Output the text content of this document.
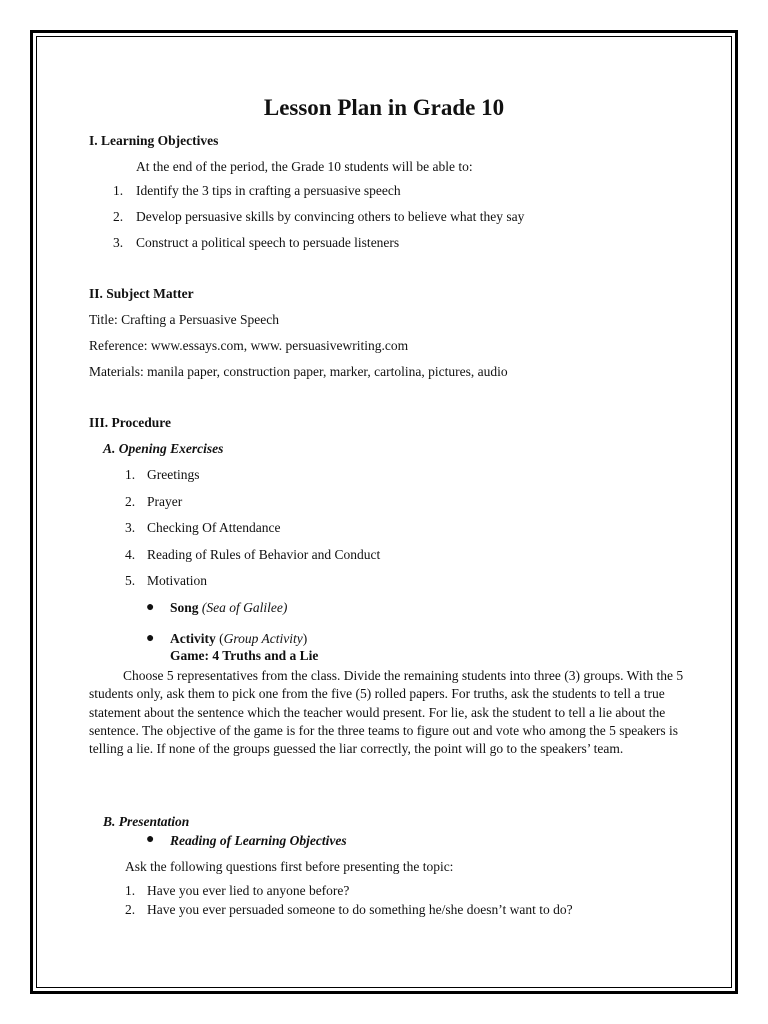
Lesson Plan in Grade 10
I. Learning Objectives
At the end of the period, the Grade 10 students will be able to:
1. Identify the 3 tips in crafting a persuasive speech
2. Develop persuasive skills by convincing others to believe what they say
3. Construct a political speech to persuade listeners
II. Subject Matter
Title: Crafting a Persuasive Speech
Reference: www.essays.com, www. persuasivewriting.com
Materials: manila paper, construction paper, marker, cartolina, pictures, audio
III. Procedure
A. Opening Exercises
1. Greetings
2. Prayer
3. Checking Of Attendance
4. Reading of Rules of Behavior and Conduct
5. Motivation
● Song (Sea of Galilee)
● Activity (Group Activity)
Game: 4 Truths and a Lie
Choose 5 representatives from the class. Divide the remaining students into three (3) groups. With the 5 students only, ask them to pick one from the five (5) rolled papers. For truths, ask the students to tell a true statement about the sentence which the teacher would present. For lie, ask the student to tell a lie about the sentence. The objective of the game is for the three teams to figure out and vote who among the 5 speakers is telling a lie. If none of the groups guessed the liar correctly, the point will go to the speakers’ team.
B. Presentation
● Reading of Learning Objectives
Ask the following questions first before presenting the topic:
1. Have you ever lied to anyone before?
2. Have you ever persuaded someone to do something he/she doesn’t want to do?
